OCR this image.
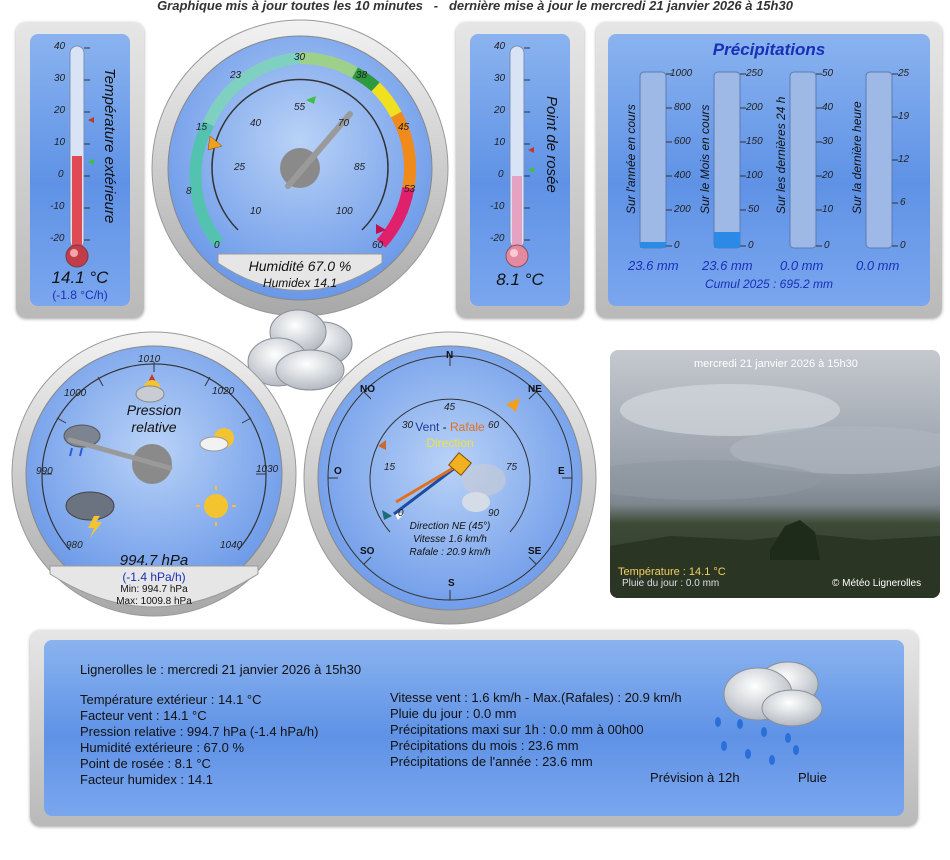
Graphique mis à jour toutes les 10 minutes - dernière mise à jour le mercredi 21 janvier 2026 à 15h30
40
30
20
10
0
-10
-20
Température extérieure
14.1 °C
(-1.8 °C/h)
30
23
15
8
0
38
45
53
60
10
25
40
55
70
85
100
Humidité 67.0 %
Humidex 14.1
40
30
20
10
0
-10
-20
Point de rosée
8.1 °C
Précipitations
1000
800
600
400
200
0
250
200
150
100
50
0
50
40
30
20
10
0
25
19
12
6
0
Sur l'année en cours	Sur le Mois en cours	Sur les dernières 24 h	Sur la dernière heure
23.6 mm 23.6 mm 0.0 mm	0.0 mm
Cumul 2025 : 695.2 mm
1010
1000	1020
990	1030
980	1040
Pression
relative
994.7 hPa
(-1.4 hPa/h)
Min: 994.7 hPa
Max: 1009.8 hPa
N
NE
E
SE
S
SO
O
NO
0
15
30
45
60
75
90
Vent - Rafale
Direction
Direction NE (45°)
Vitesse 1.6 km/h
Rafale : 20.9 km/h
mercredi 21 janvier 2026 à 15h30
Température : 14.1 °C
Pluie du jour : 0.0 mm	© Météo Lignerolles
Lignerolles le : mercredi 21 janvier 2026 à 15h30
Température extérieur : 14.1 °C
Facteur vent : 14.1 °C
Pression relative : 994.7 hPa (-1.4 hPa/h)
Humidité extérieure : 67.0 %
Point de rosée : 8.1 °C
Facteur humidex : 14.1
Vitesse vent : 1.6 km/h - Max.(Rafales) : 20.9 km/h
Pluie du jour : 0.0 mm
Précipitations maxi sur 1h : 0.0 mm à 00h00
Précipitations du mois : 23.6 mm
Précipitations de l'année : 23.6 mm
Prévision à 12h	Pluie
